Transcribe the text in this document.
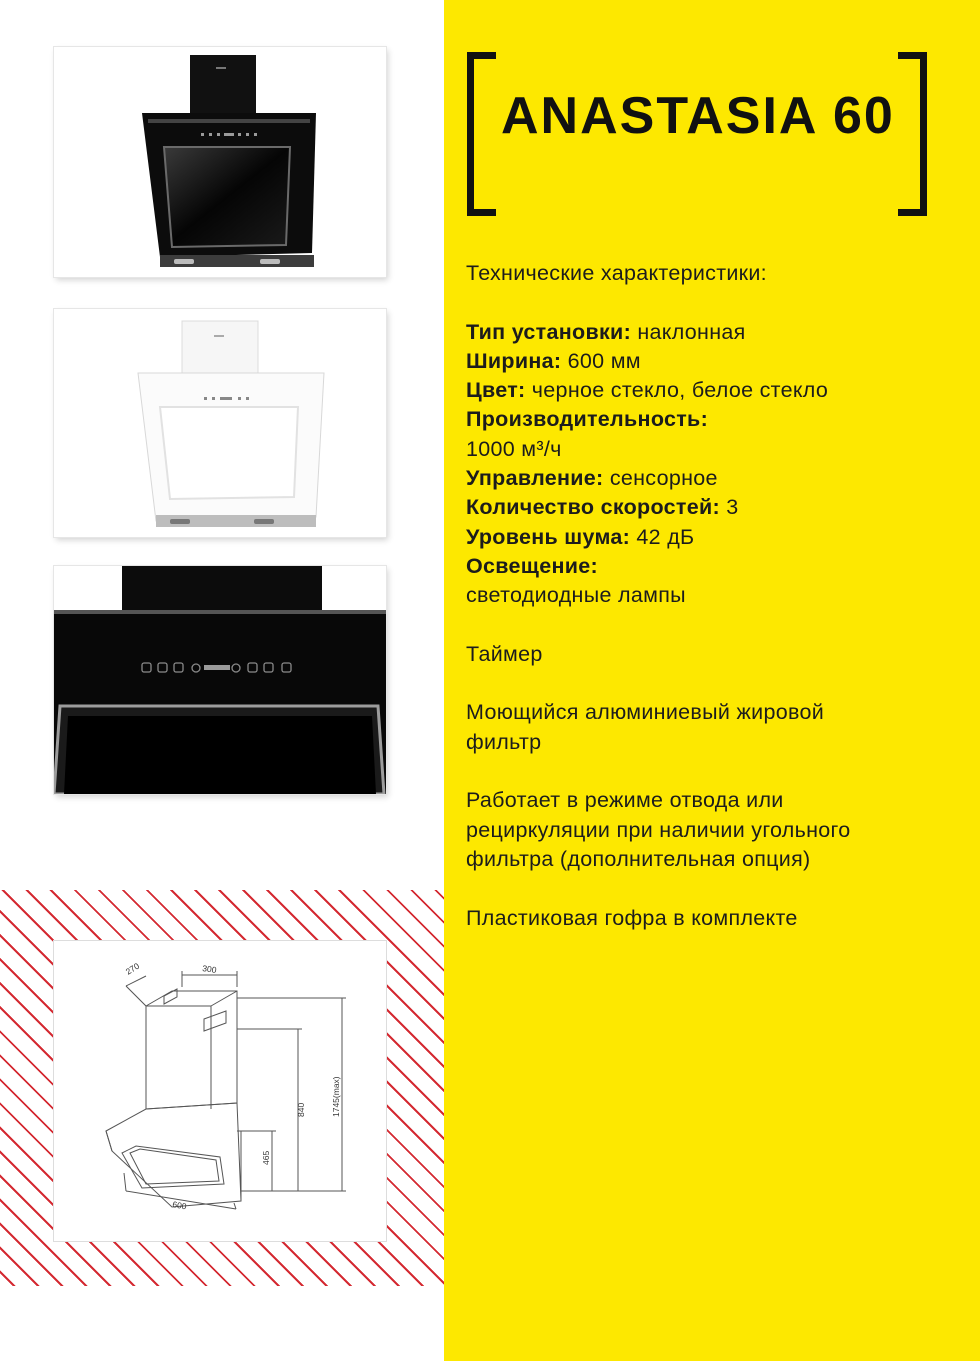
270	300
600
465
840	1745(max)
ANASTASIA 60

Технические характеристики:

Тип установки: наклонная

Ширина: 600 мм

Цвет: черное стекло, белое стекло

Производительность:

1000 м³/ч

Управление: сенсорное

Количество скоростей: 3

Уровень шума: 42 дБ

Освещение:

светодиодные лампы

Таймер

Моющийся алюминиевый жировой

фильтр

Работает в режиме отвода или

рециркуляции при наличии угольного

фильтра (дополнительная опция)

Пластиковая гофра в комплекте
